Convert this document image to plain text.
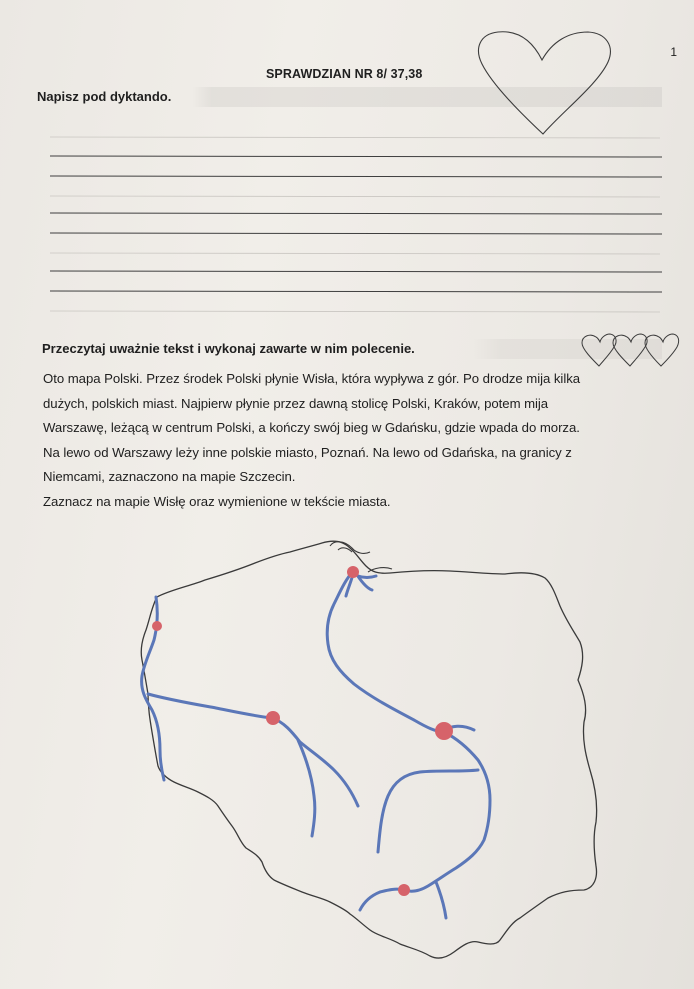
1
SPRAWDZIAN NR 8/ 37,38
Napisz pod dyktando.
Przeczytaj uważnie tekst i wykonaj zawarte w nim polecenie.

Oto mapa Polski. Przez środek Polski płynie Wisła, która wypływa z gór. Po drodze mija kilka

dużych, polskich miast. Najpierw płynie przez dawną stolicę Polski, Kraków, potem mija

Warszawę, leżącą w centrum Polski, a kończy swój bieg w Gdańsku, gdzie wpada do morza.

Na lewo od Warszawy leży inne polskie miasto, Poznań. Na lewo od Gdańska, na granicy z

Niemcami, zaznaczono na mapie Szczecin.

Zaznacz na mapie Wisłę oraz wymienione w tekście miasta.
